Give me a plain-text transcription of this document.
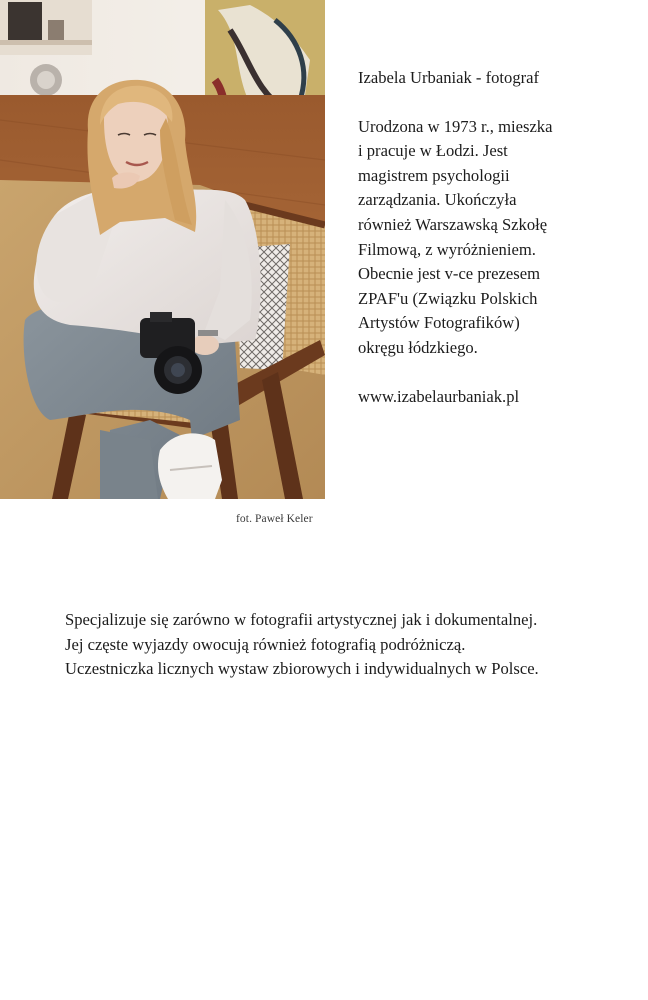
fot. Paweł Keler
Izabela Urbaniak - fotograf
Urodzona w 1973 r., mieszka
i pracuje w Łodzi. Jest
magistrem psychologii
zarządzania. Ukończyła
również Warszawską Szkołę
Filmową, z wyróżnieniem.
Obecnie jest v-ce prezesem
ZPAF'u (Związku Polskich
Artystów Fotografików)
okręgu łódzkiego.
www.izabelaurbaniak.pl
Specjalizuje się zarówno w fotografii artystycznej jak i dokumentalnej.
Jej częste wyjazdy owocują również fotografią podróżniczą.
Uczestniczka licznych wystaw zbiorowych i indywidualnych w Polsce.
